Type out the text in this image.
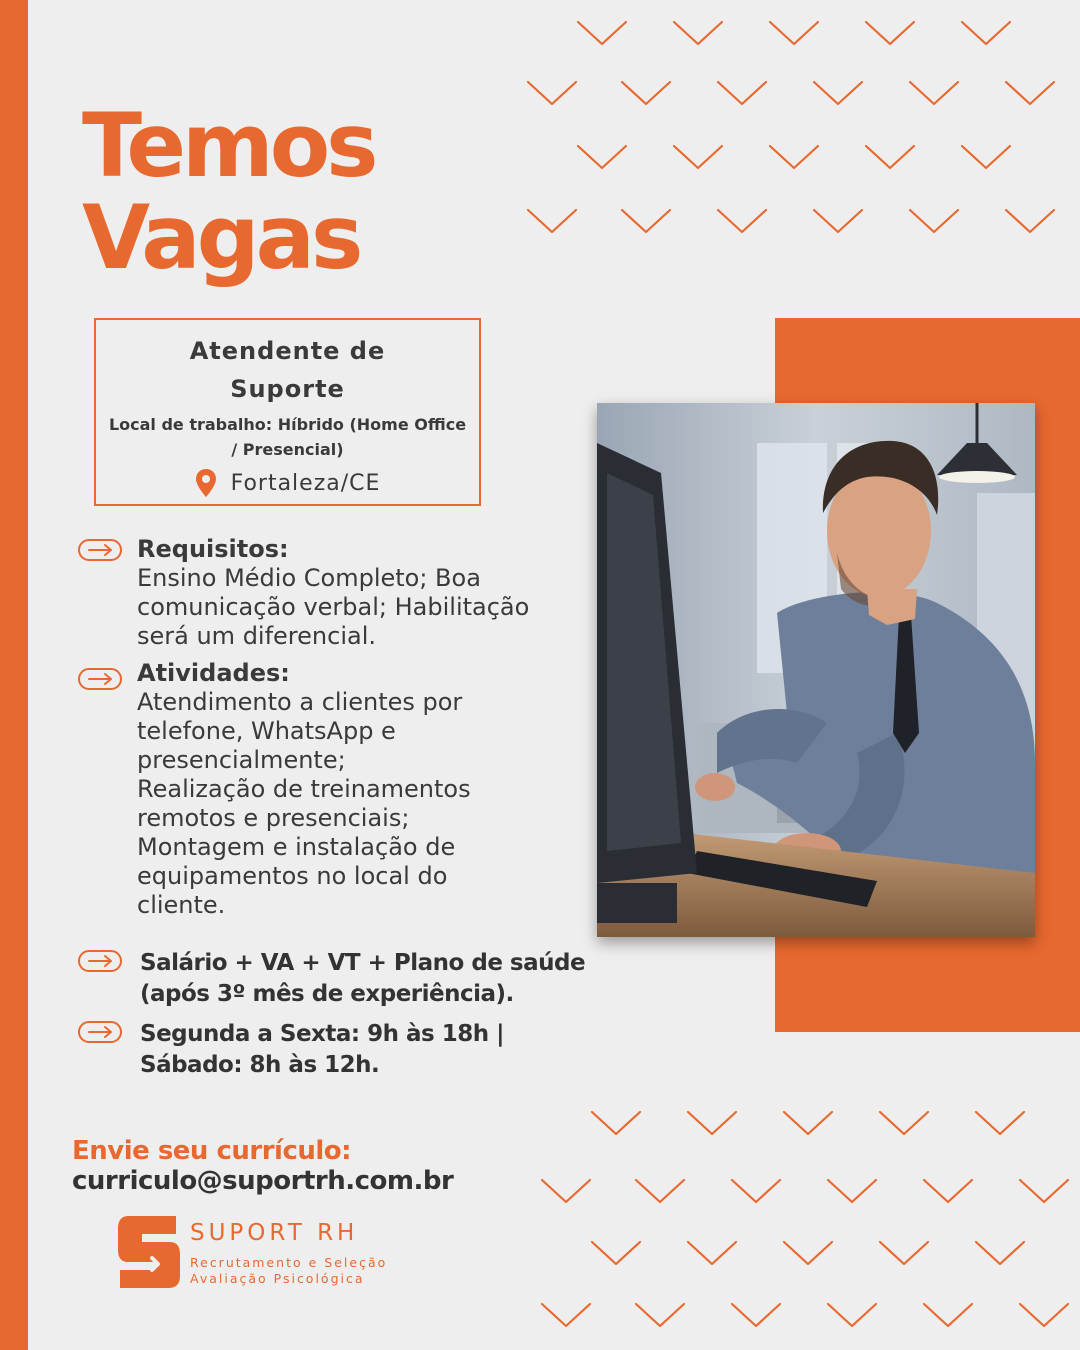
Temos
Vagas
Atendente de Suporte
Local de trabalho: Híbrido (Home Office / Presencial)
Fortaleza/CE
Requisitos:
Ensino Médio Completo; Boa
comunicação verbal; Habilitação
será um diferencial.
Atividades:
Atendimento a clientes por
telefone, WhatsApp e
presencialmente;
Realização de treinamentos
remotos e presenciais;
Montagem e instalação de
equipamentos no local do
cliente.
Salário + VA + VT + Plano de saúde
(após 3º mês de experiência).
Segunda a Sexta: 9h às 18h |
Sábado: 8h às 12h.
Envie seu currículo:
curriculo@suportrh.com.br
SUPORT RH
Recrutamento e Seleção
Avaliação Psicológica
